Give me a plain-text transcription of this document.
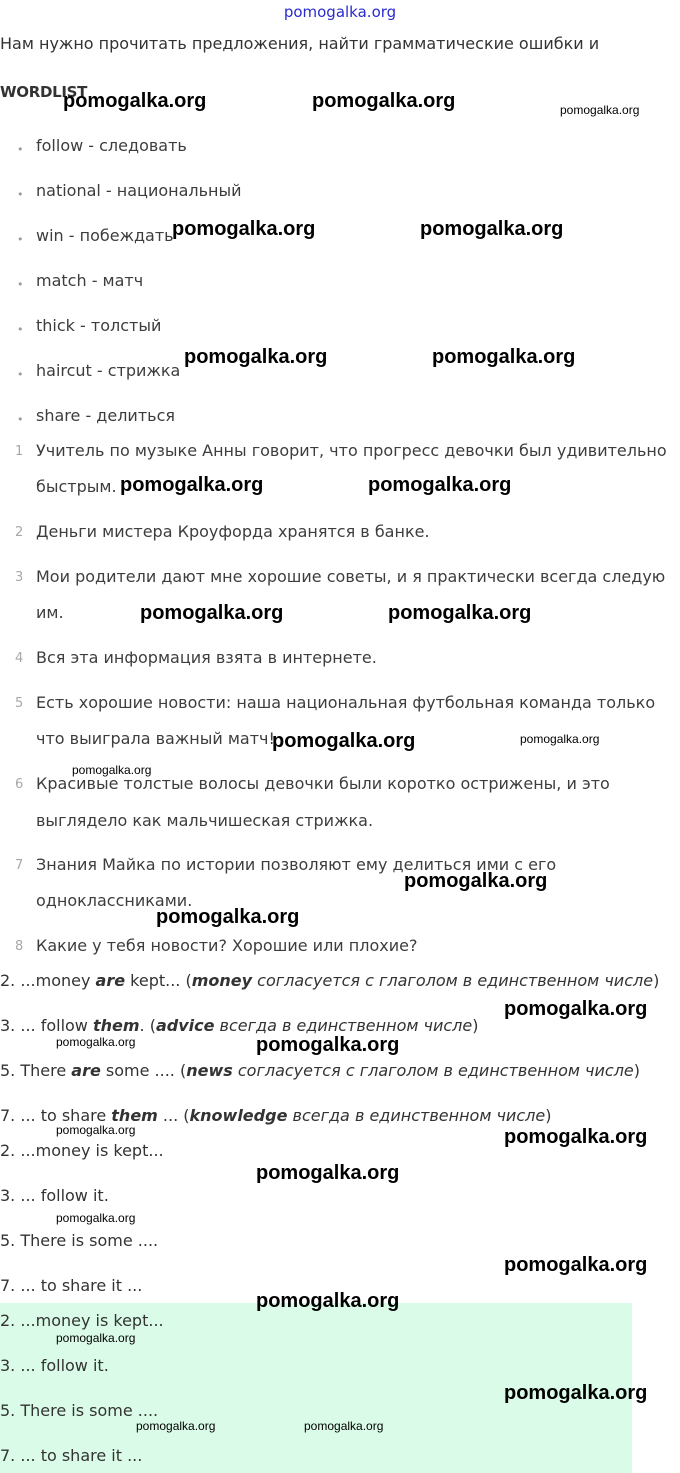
pomogalka.org
Нам нужно прочитать предложения, найти грамматические ошибки и
WORDLIST
• follow - следовать
• national - национальный
• win - побеждать
• match - матч
• thick - толстый
• haircut - стрижка
• share - делиться
1 Учитель по музыке Анны говорит, что прогресс девочки был удивительно
быстрым.
2 Деньги мистера Кроуфорда хранятся в банке.
3 Мои родители дают мне хорошие советы, и я практически всегда следую
им.
4 Вся эта информация взята в интернете.
5 Есть хорошие новости: наша национальная футбольная команда только
что выиграла важный матч!
6 Красивые толстые волосы девочки были коротко острижены, и это
выглядело как мальчишеская стрижка.
7 Знания Майка по истории позволяют ему делиться ими с его
одноклассниками.
8 Какие у тебя новости? Хорошие или плохие?
2. ...money are kept... (money согласуется с глаголом в единственном числе)
3. ... follow them. (advice всегда в единственном числе)
5. There are some .... (news согласуется с глаголом в единственном числе)
7. ... to share them ... (knowledge всегда в единственном числе)
2. ...money is kept...
3. ... follow it.
5. There is some ....
7. ... to share it ...
2. ...money is kept...
3. ... follow it.
5. There is some ....
7. ... to share it ...
pomogalka.org	pomogalka.org	pomogalka.org
pomogalka.org	pomogalka.org
pomogalka.org	pomogalka.org
pomogalka.org	pomogalka.org
pomogalka.org	pomogalka.org
pomogalka.org	pomogalka.org
pomogalka.org
pomogalka.org
pomogalka.org
pomogalka.org
pomogalka.org	pomogalka.org
pomogalka.org	pomogalka.org
pomogalka.org
pomogalka.org
pomogalka.org
pomogalka.org
pomogalka.org
pomogalka.org
pomogalka.org	pomogalka.org
